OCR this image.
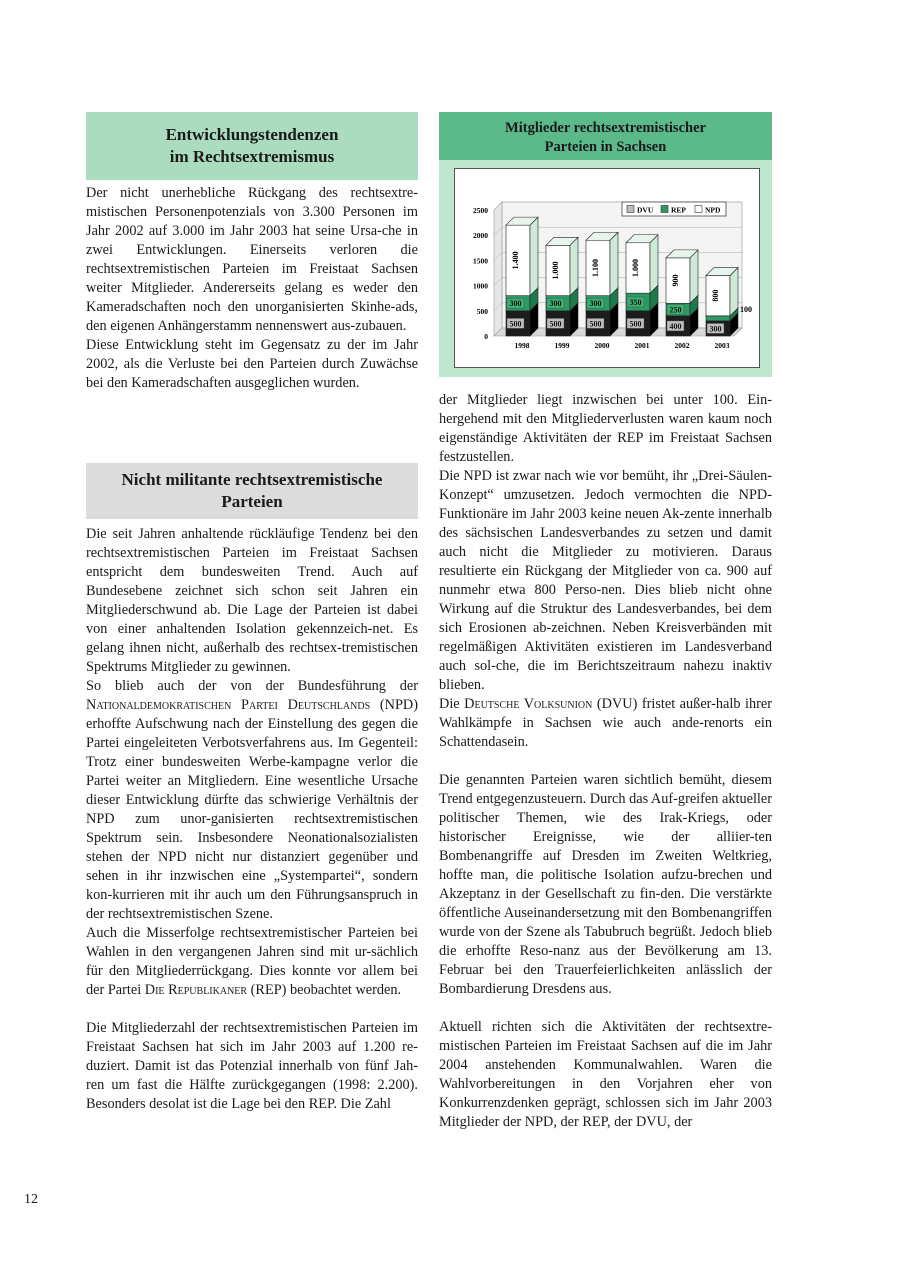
Entwicklungstendenzen
im Rechtsextremismus

Der nicht unerhebliche Rückgang des rechtsextre-mistischen Personenpotenzials von 3.300 Personen im Jahr 2002 auf 3.000 im Jahr 2003 hat seine Ursa-che in zwei Entwicklungen. Einerseits verloren die rechtsextremistischen Parteien im Freistaat Sachsen weiter Mitglieder. Andererseits gelang es weder den Kameradschaften noch den unorganisierten Skinhe-ads, den eigenen Anhängerstamm nennenswert aus-zubauen.

Diese Entwicklung steht im Gegensatz zu der im Jahr 2002, als die Verluste bei den Parteien durch Zuwächse bei den Kameradschaften ausgeglichen wurden.

Nicht militante rechtsextremistische
Parteien

Die seit Jahren anhaltende rückläufige Tendenz bei den rechtsextremistischen Parteien im Freistaat Sachsen entspricht dem bundesweiten Trend. Auch auf Bundesebene zeichnet sich schon seit Jahren ein Mitgliederschwund ab. Die Lage der Parteien ist dabei von einer anhaltenden Isolation gekennzeich-net. Es gelang ihnen nicht, außerhalb des rechtsex-tremistischen Spektrums Mitglieder zu gewinnen.

So blieb auch der von der Bundesführung der Nationaldemokratischen Partei Deutschlands (NPD) erhoffte Aufschwung nach der Einstellung des gegen die Partei eingeleiteten Verbotsverfahrens aus. Im Gegenteil: Trotz einer bundesweiten Werbe-kampagne verlor die Partei weiter an Mitgliedern. Eine wesentliche Ursache dieser Entwicklung dürfte das schwierige Verhältnis der NPD zum unor-ganisierten rechtsextremistischen Spektrum sein. Insbesondere Neonationalsozialisten stehen der NPD nicht nur distanziert gegenüber und sehen in ihr inzwischen eine „Systempartei“, sondern kon-kurrieren mit ihr auch um den Führungsanspruch in der rechtsextremistischen Szene.

Auch die Misserfolge rechtsextremistischer Parteien bei Wahlen in den vergangenen Jahren sind mit ur-sächlich für den Mitgliederrückgang. Dies konnte vor allem bei der Partei Die Republikaner (REP) beobachtet werden.

Die Mitgliederzahl der rechtsextremistischen Parteien im Freistaat Sachsen hat sich im Jahr 2003 auf 1.200 re-duziert. Damit ist das Potenzial innerhalb von fünf Jah-ren um fast die Hälfte zurückgegangen (1998: 2.200). Besonders desolat ist die Lage bei den REP. Die Zahl

Mitglieder rechtsextremistischer
Parteien in Sachsen
0
500
1000
1500
2000
2500
500
300
1.400
1998
500
300
1.000
1999
500
300
1.100
2000
500
350
1.000
2001
400
250
900
2002
300
100
800
2003
DVU REP	NPD

der Mitglieder liegt inzwischen bei unter 100. Ein-hergehend mit den Mitgliederverlusten waren kaum noch eigenständige Aktivitäten der REP im Freistaat Sachsen festzustellen.

Die NPD ist zwar nach wie vor bemüht, ihr „Drei-Säulen-Konzept“ umzusetzen. Jedoch vermochten die NPD-Funktionäre im Jahr 2003 keine neuen Ak-zente innerhalb des sächsischen Landesverbandes zu setzen und damit auch nicht die Mitglieder zu motivieren. Daraus resultierte ein Rückgang der Mitglieder von ca. 900 auf nunmehr etwa 800 Perso-nen. Dies blieb nicht ohne Wirkung auf die Struktur des Landesverbandes, bei dem sich Erosionen ab-zeichnen. Neben Kreisverbänden mit regelmäßigen Aktivitäten existieren im Landesverband auch sol-che, die im Berichtszeitraum nahezu inaktiv blieben.

Die Deutsche Volksunion (DVU) fristet außer-halb ihrer Wahlkämpfe in Sachsen wie auch ande-renorts ein Schattendasein.

Die genannten Parteien waren sichtlich bemüht, diesem Trend entgegenzusteuern. Durch das Auf-greifen aktueller politischer Themen, wie des Irak-Kriegs, oder historischer Ereignisse, wie der alliier-ten Bombenangriffe auf Dresden im Zweiten Weltkrieg, hoffte man, die politische Isolation aufzu-brechen und Akzeptanz in der Gesellschaft zu fin-den. Die verstärkte öffentliche Auseinandersetzung mit den Bombenangriffen wurde von der Szene als Tabubruch begrüßt. Jedoch blieb die erhoffte Reso-nanz aus der Bevölkerung am 13. Februar bei den Trauerfeierlichkeiten anlässlich der Bombardierung Dresdens aus.

Aktuell richten sich die Aktivitäten der rechtsextre-mistischen Parteien im Freistaat Sachsen auf die im Jahr 2004 anstehenden Kommunalwahlen. Waren die Wahlvorbereitungen in den Vorjahren eher von Konkurrenzdenken geprägt, schlossen sich im Jahr 2003 Mitglieder der NPD, der REP, der DVU, der

12
